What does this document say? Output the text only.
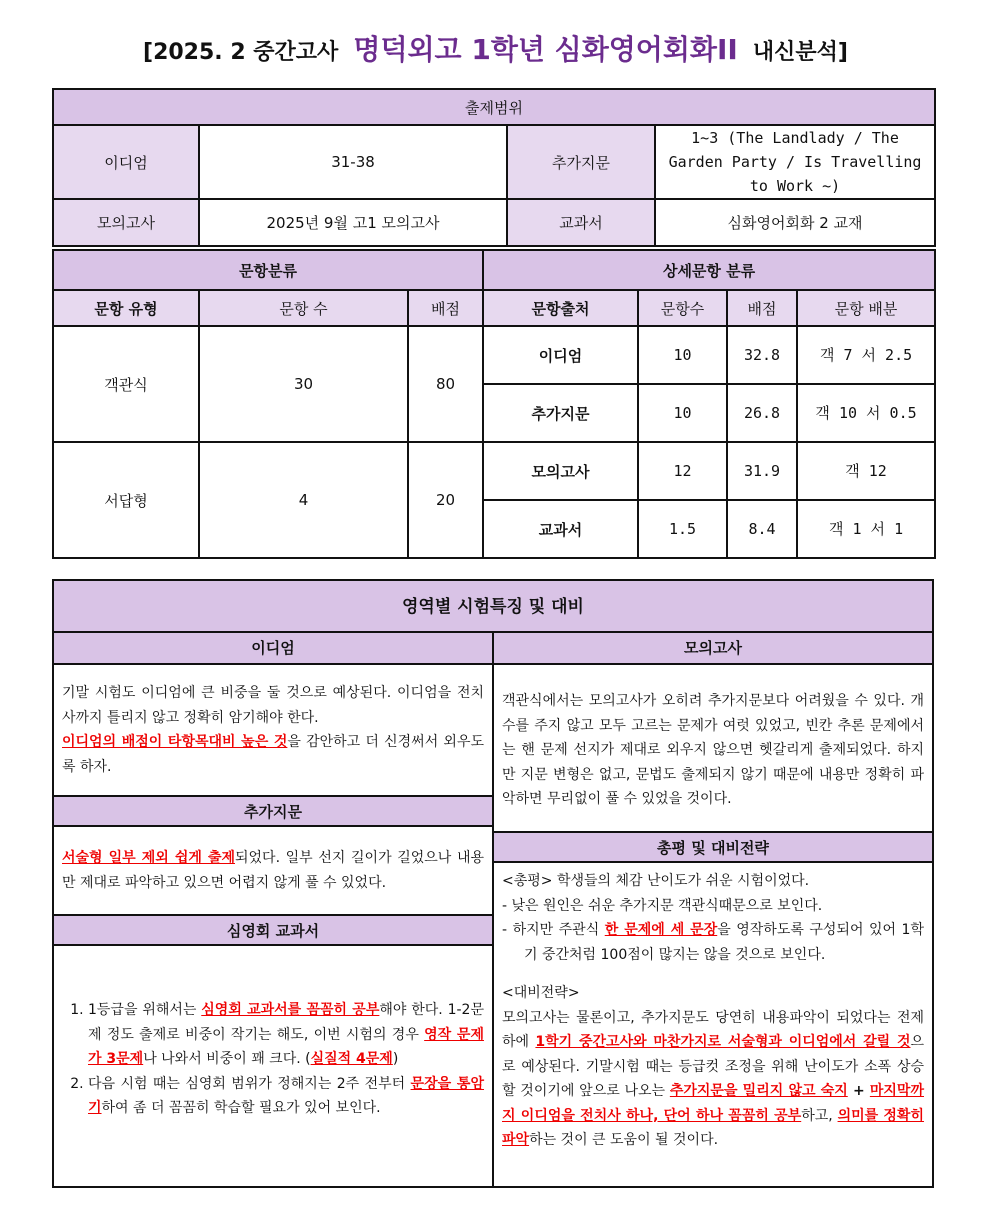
[2025. 2 중간고사 명덕외고 1학년 심화영어회화II 내신분석]
출제범위			
이디엄	31-38	추가지문	1~3 (The Landlady / The Garden Party / Is Travelling to Work ~)
모의고사	2025년 9월 고1 모의고사	교과서	심화영어회화 2 교재
문항분류			상세문항 분류			
문항 유형	문항 수	배점	문항출처	문항수	배점	문항 배분
객관식	30	80	이디엄	10	32.8	객 7 서 2.5
			추가지문	10	26.8	객 10 서 0.5
서답형	4	20	모의고사	12	31.9	객 12
			교과서	1.5	8.4	객 1 서 1
영역별 시험특징 및 대비
이디엄
기말 시험도 이디엄에 큰 비중을 둘 것으로 예상된다. 이디엄을 전치사까지 틀리지 않고 정확히 암기해야 한다.
이디엄의 배점이 타항목대비 높은 것을 감안하고 더 신경써서 외우도록 하자.
추가지문
서술형 일부 제외 쉽게 출제되었다. 일부 선지 길이가 길었으나 내용만 제대로 파악하고 있으면 어렵지 않게 풀 수 있었다.
심영회 교과서
1. 1등급을 위해서는 심영회 교과서를 꼼꼼히 공부해야 한다. 1-2문제 정도 출제로 비중이 작기는 해도, 이번 시험의 경우 영작 문제가 3문제나 나와서 비중이 꽤 크다. (실질적 4문제)
2. 다음 시험 때는 심영회 범위가 정해지는 2주 전부터 문장을 통암기하여 좀 더 꼼꼼히 학습할 필요가 있어 보인다.
모의고사
객관식에서는 모의고사가 오히려 추가지문보다 어려웠을 수 있다. 개수를 주지 않고 모두 고르는 문제가 여럿 있었고, 빈칸 추론 문제에서는 핸 문제 선지가 제대로 외우지 않으면 헷갈리게 출제되었다. 하지만 지문 변형은 없고, 문법도 출제되지 않기 때문에 내용만 정확히 파악하면 무리없이 풀 수 있었을 것이다.
총평 및 대비전략
<총평> 학생들의 체감 난이도가 쉬운 시험이었다.
- 낮은 원인은 쉬운 추가지문 객관식때문으로 보인다.
- 하지만 주관식 한 문제에 세 문장을 영작하도록 구성되어 있어 1학기 중간처럼 100점이 많지는 않을 것으로 보인다.
<대비전략>
모의고사는 물론이고, 추가지문도 당연히 내용파악이 되었다는 전제 하에 1학기 중간고사와 마찬가지로 서술형과 이디엄에서 갈릴 것으로 예상된다. 기말시험 때는 등급컷 조정을 위해 난이도가 소폭 상승할 것이기에 앞으로 나오는 추가지문을 밀리지 않고 숙지 + 마지막까지 이디엄을 전치사 하나, 단어 하나 꼼꼼히 공부하고, 의미를 정확히 파악하는 것이 큰 도움이 될 것이다.
